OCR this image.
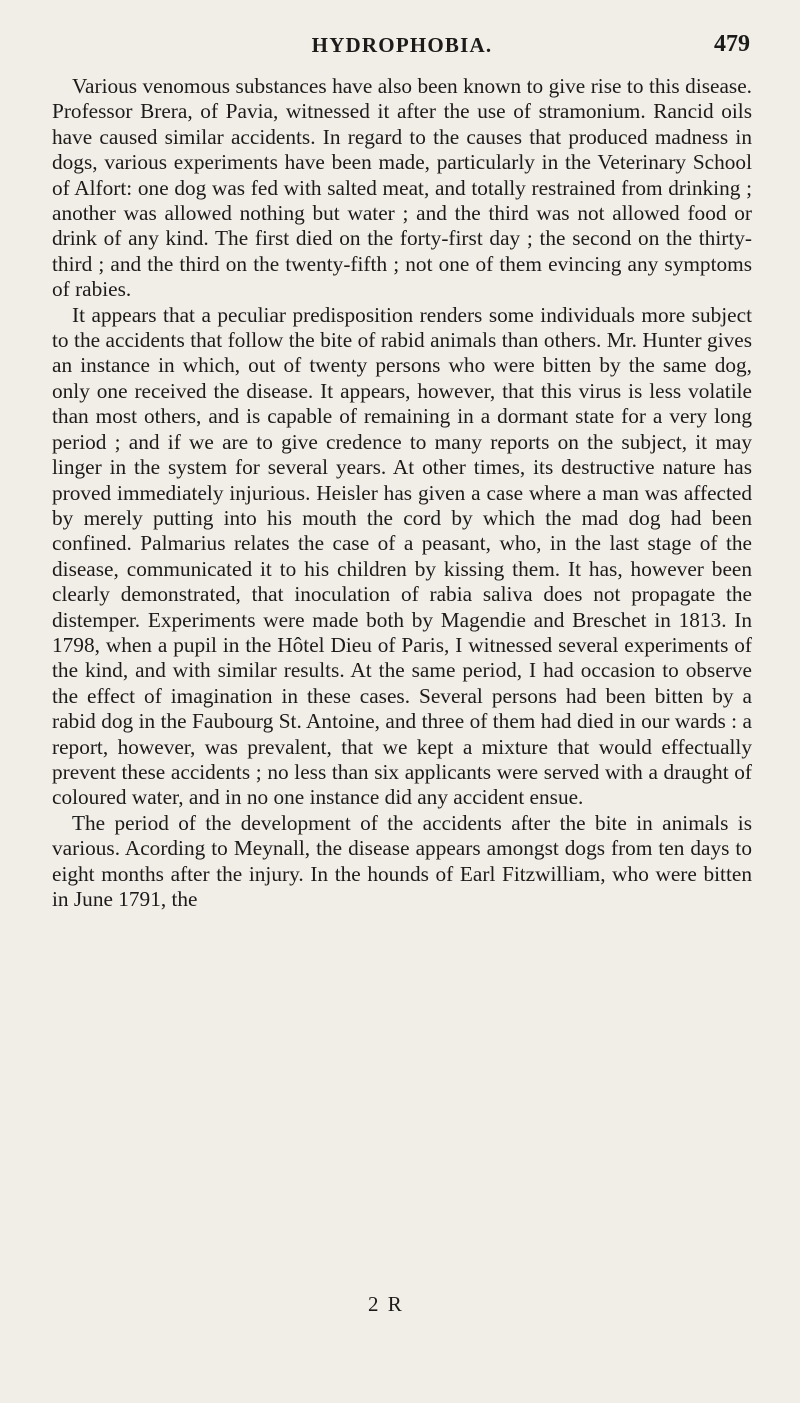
HYDROPHOBIA.	479

Various venomous substances have also been known to give rise to this disease. Professor Brera, of Pavia, witnessed it after the use of stramonium. Rancid oils have caused similar accidents. In regard to the causes that produced madness in dogs, various experiments have been made, particularly in the Veterinary School of Alfort: one dog was fed with salted meat, and totally restrained from drinking ; another was allowed nothing but water ; and the third was not allowed food or drink of any kind. The first died on the forty-first day ; the second on the thirty-third ; and the third on the twenty-fifth ; not one of them evincing any symptoms of rabies.

It appears that a peculiar predisposition renders some individuals more subject to the accidents that follow the bite of rabid animals than others. Mr. Hunter gives an instance in which, out of twenty persons who were bitten by the same dog, only one received the disease. It appears, however, that this virus is less volatile than most others, and is capable of remaining in a dormant state for a very long period ; and if we are to give credence to many reports on the subject, it may linger in the system for several years. At other times, its destructive nature has proved immediately injurious. Heisler has given a case where a man was affected by merely putting into his mouth the cord by which the mad dog had been confined. Palmarius relates the case of a peasant, who, in the last stage of the disease, communicated it to his children by kissing them. It has, however been clearly demonstrated, that inoculation of rabia saliva does not propagate the distemper. Experiments were made both by Magendie and Breschet in 1813. In 1798, when a pupil in the Hôtel Dieu of Paris, I witnessed several experiments of the kind, and with similar results. At the same period, I had occasion to observe the effect of imagination in these cases. Several persons had been bitten by a rabid dog in the Faubourg St. Antoine, and three of them had died in our wards : a report, however, was prevalent, that we kept a mixture that would effectually prevent these accidents ; no less than six applicants were served with a draught of coloured water, and in no one instance did any accident ensue.

The period of the development of the accidents after the bite in animals is various. Acording to Meynall, the disease appears amongst dogs from ten days to eight months after the injury. In the hounds of Earl Fitzwilliam, who were bitten in June 1791, the

2 R
